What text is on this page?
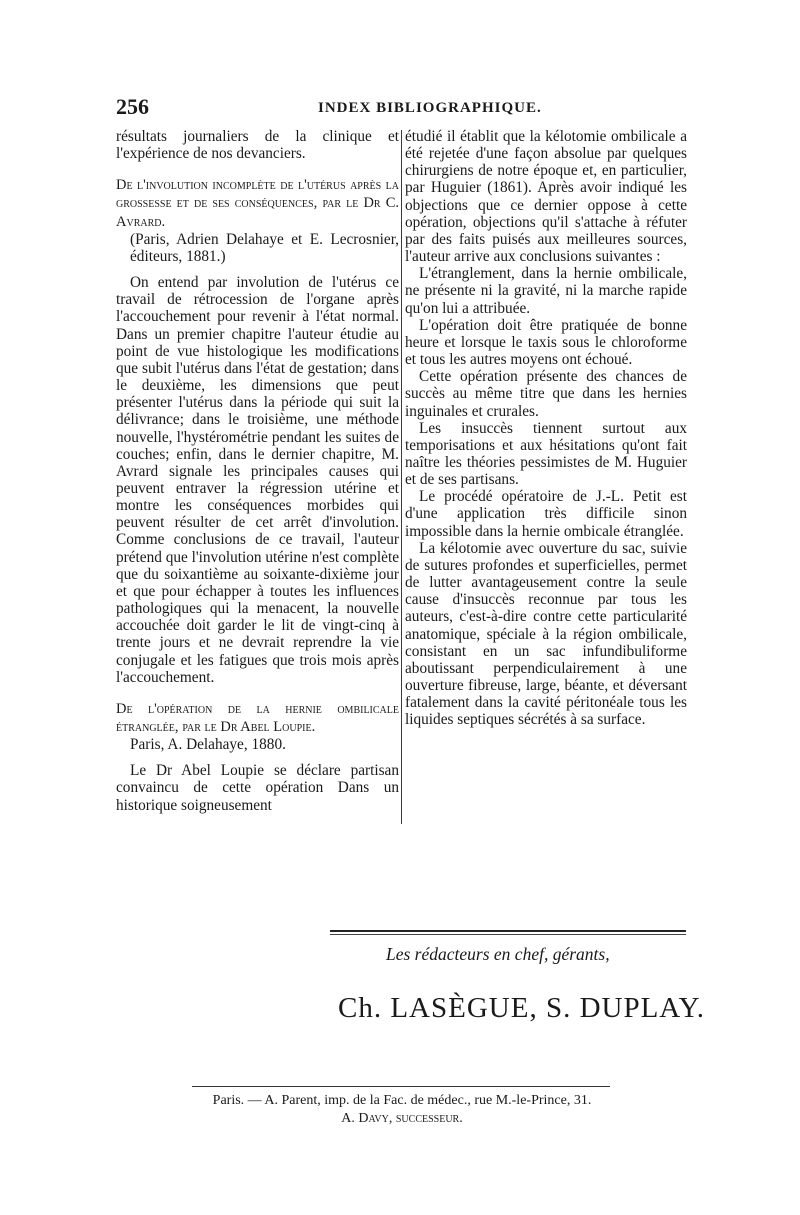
256	INDEX BIBLIOGRAPHIQUE.

résultats journaliers de la clinique et l'expérience de nos devanciers.

De l'involution incomplète de l'utérus après la grossesse et de ses conséquences, par le Dr C. Avrard.
(Paris, Adrien Delahaye et E. Lecrosnier, éditeurs, 1881.)

On entend par involution de l'utérus ce travail de rétrocession de l'organe après l'accouchement pour revenir à l'état normal. Dans un premier chapitre l'auteur étudie au point de vue histologique les modifications que subit l'utérus dans l'état de gestation; dans le deuxième, les dimensions que peut présenter l'utérus dans la période qui suit la délivrance; dans le troisième, une méthode nouvelle, l'hystérométrie pendant les suites de couches; enfin, dans le dernier chapitre, M. Avrard signale les principales causes qui peuvent entraver la régression utérine et montre les conséquences morbides qui peuvent résulter de cet arrêt d'involution. Comme conclusions de ce travail, l'auteur prétend que l'involution utérine n'est complète que du soixantième au soixante-dixième jour et que pour échapper à toutes les influences pathologiques qui la menacent, la nouvelle accouchée doit garder le lit de vingt-cinq à trente jours et ne devrait reprendre la vie conjugale et les fatigues que trois mois après l'accouchement.

De l'opération de la hernie ombilicale étranglée, par le Dr Abel Loupie.
Paris, A. Delahaye, 1880.

Le Dr Abel Loupie se déclare partisan convaincu de cette opération Dans un historique soigneusement

étudié il établit que la kélotomie ombilicale a été rejetée d'une façon absolue par quelques chirurgiens de notre époque et, en particulier, par Huguier (1861). Après avoir indiqué les objections que ce dernier oppose à cette opération, objections qu'il s'attache à réfuter par des faits puisés aux meilleures sources, l'auteur arrive aux conclusions suivantes :

L'étranglement, dans la hernie ombilicale, ne présente ni la gravité, ni la marche rapide qu'on lui a attribuée.

L'opération doit être pratiquée de bonne heure et lorsque le taxis sous le chloroforme et tous les autres moyens ont échoué.

Cette opération présente des chances de succès au même titre que dans les hernies inguinales et crurales.

Les insuccès tiennent surtout aux temporisations et aux hésitations qu'ont fait naître les théories pessimistes de M. Huguier et de ses partisans.

Le procédé opératoire de J.-L. Petit est d'une application très difficile sinon impossible dans la hernie ombicale étranglée.

La kélotomie avec ouverture du sac, suivie de sutures profondes et superficielles, permet de lutter avantageusement contre la seule cause d'insuccès reconnue par tous les auteurs, c'est-à-dire contre cette particularité anatomique, spéciale à la région ombilicale, consistant en un sac infundibuliforme aboutissant perpendiculairement à une ouverture fibreuse, large, béante, et déversant fatalement dans la cavité péritonéale tous les liquides septiques sécrétés à sa surface.

Les rédacteurs en chef, gérants,
Ch. LASÈGUE, S. DUPLAY.
Paris. — A. Parent, imp. de la Fac. de médec., rue M.-le-Prince, 31.
A. Davy, successeur.
